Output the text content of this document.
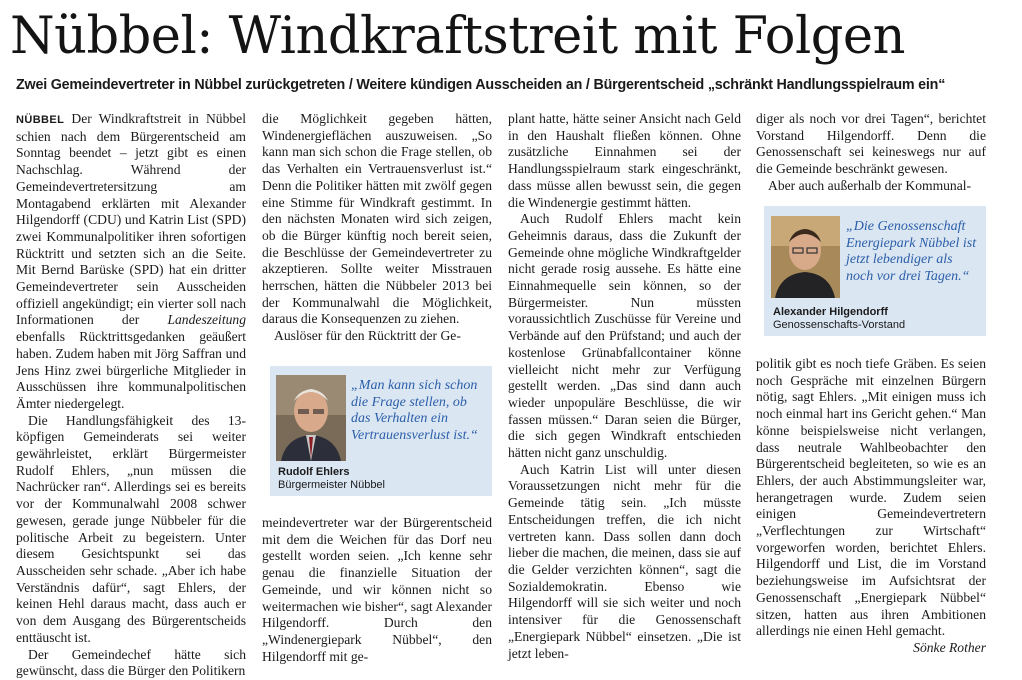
Nübbel: Windkraftstreit mit Folgen
Zwei Gemeindevertreter in Nübbel zurückgetreten / Weitere kündigen Ausscheiden an / Bürgerentscheid „schränkt Handlungsspielraum ein“

NÜBBEL Der Windkraftstreit in Nübbel schien nach dem Bürgerentscheid am Sonntag beendet – jetzt gibt es einen Nachschlag. Während der Gemeindevertretersitzung am Montagabend erklärten mit Alexander Hilgendorff (CDU) und Katrin List (SPD) zwei Kommunalpolitiker ihren sofortigen Rücktritt und setzten sich an die Seite. Mit Bernd Barüske (SPD) hat ein dritter Gemeindevertreter sein Ausscheiden offiziell angekündigt; ein vierter soll nach Informationen der Landeszeitung ebenfalls Rücktrittsgedanken geäußert haben. Zudem haben mit Jörg Saffran und Jens Hinz zwei bürgerliche Mitglieder in Ausschüssen ihre kommunalpolitischen Ämter niedergelegt.

Die Handlungsfähigkeit des 13-köpfigen Gemeinderats sei weiter gewährleistet, erklärt Bürgermeister Rudolf Ehlers, „nun müssen die Nachrücker ran“. Allerdings sei es bereits vor der Kommunalwahl 2008 schwer gewesen, gerade junge Nübbeler für die politische Arbeit zu begeistern. Unter diesem Gesichtspunkt sei das Ausscheiden sehr schade. „Aber ich habe Verständnis dafür“, sagt Ehlers, der keinen Hehl daraus macht, dass auch er von dem Ausgang des Bürgerentscheids enttäuscht ist.

Der Gemeindechef hätte sich gewünscht, dass die Bürger den Politikern

die Möglichkeit gegeben hätten, Windenergieflächen auszuweisen. „So kann man sich schon die Frage stellen, ob das Verhalten ein Vertrauensverlust ist.“ Denn die Politiker hätten mit zwölf gegen eine Stimme für Windkraft gestimmt. In den nächsten Monaten wird sich zeigen, ob die Bürger künftig noch bereit seien, die Beschlüsse der Gemeindevertreter zu akzeptieren. Sollte weiter Misstrauen herrschen, hätten die Nübbeler 2013 bei der Kommunalwahl die Möglichkeit, daraus die Konsequenzen zu ziehen.

Auslöser für den Rücktritt der Ge-

„Man kann sich schon die Frage stellen, ob das Verhalten ein Vertrauensverlust ist.“
Rudolf Ehlers
Bürgermeister Nübbel

meindevertreter war der Bürgerentscheid mit dem die Weichen für das Dorf neu gestellt worden seien. „Ich kenne sehr genau die finanzielle Situation der Gemeinde, und wir können nicht so weitermachen wie bisher“, sagt Alexander Hilgendorff. Durch den „Windenergiepark Nübbel“, den Hilgendorff mit ge-

plant hatte, hätte seiner Ansicht nach Geld in den Haushalt fließen können. Ohne zusätzliche Einnahmen sei der Handlungsspielraum stark eingeschränkt, dass müsse allen bewusst sein, die gegen die Windenergie gestimmt hätten.

Auch Rudolf Ehlers macht kein Geheimnis daraus, dass die Zukunft der Gemeinde ohne mögliche Windkraftgelder nicht gerade rosig aussehe. Es hätte eine Einnahmequelle sein können, so der Bürgermeister. Nun müssten voraussichtlich Zuschüsse für Vereine und Verbände auf den Prüfstand; und auch der kostenlose Grünabfallcontainer könne vielleicht nicht mehr zur Verfügung gestellt werden. „Das sind dann auch wieder unpopuläre Beschlüsse, die wir fassen müssen.“ Daran seien die Bürger, die sich gegen Windkraft entschieden hätten nicht ganz unschuldig.

Auch Katrin List will unter diesen Voraussetzungen nicht mehr für die Gemeinde tätig sein. „Ich müsste Entscheidungen treffen, die ich nicht vertreten kann. Dass sollen dann doch lieber die machen, die meinen, dass sie auf die Gelder verzichten können“, sagt die Sozialdemokratin. Ebenso wie Hilgendorff will sie sich weiter und noch intensiver für die Genossenschaft „Energiepark Nübbel“ einsetzen. „Die ist jetzt leben-

diger als noch vor drei Tagen“, berichtet Vorstand Hilgendorff. Denn die Genossenschaft sei keineswegs nur auf die Gemeinde beschränkt gewesen.

Aber auch außerhalb der Kommunal-

„Die Genossenschaft Energiepark Nübbel ist jetzt lebendiger als noch vor drei Tagen.“
Alexander Hilgendorff
Genossenschafts-Vorstand

politik gibt es noch tiefe Gräben. Es seien noch Gespräche mit einzelnen Bürgern nötig, sagt Ehlers. „Mit einigen muss ich noch einmal hart ins Gericht gehen.“ Man könne beispielsweise nicht verlangen, dass neutrale Wahlbeobachter den Bürgerentscheid begleiteten, so wie es an Ehlers, der auch Abstimmungsleiter war, herangetragen wurde. Zudem seien einigen Gemeindevertretern „Verflechtungen zur Wirtschaft“ vorgeworfen worden, berichtet Ehlers. Hilgendorff und List, die im Vorstand beziehungsweise im Aufsichtsrat der Genossenschaft „Energiepark Nübbel“ sitzen, hatten aus ihren Ambitionen allerdings nie einen Hehl gemacht.

Sönke Rother
